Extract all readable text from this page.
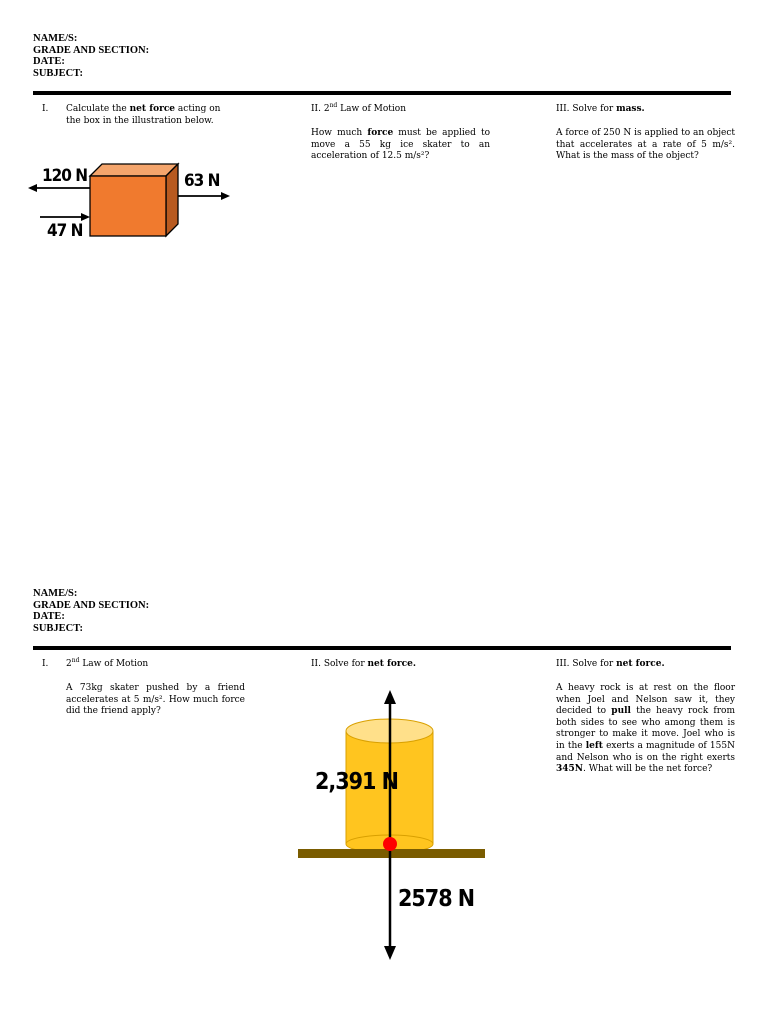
NAME/S:
GRADE AND SECTION:
DATE:
SUBJECT:
I. Calculate the net force acting on the box in the illustration below.
120 N	63 N
47 N
II. 2nd Law of Motion
How much force must be applied to move a 55 kg ice skater to an acceleration of 12.5 m/s²?
III. Solve for mass.
A force of 250 N is applied to an object that accelerates at a rate of 5 m/s². What is the mass of the object?
NAME/S:
GRADE AND SECTION:
DATE:
SUBJECT:
I. 2nd Law of Motion
A 73kg skater pushed by a friend accelerates at 5 m/s². How much force did the friend apply?
II. Solve for net force.
2,391 N
2578 N
III. Solve for net force.
A heavy rock is at rest on the floor when Joel and Nelson saw it, they decided to pull the heavy rock from both sides to see who among them is stronger to make it move. Joel who is in the left exerts a magnitude of 155N and Nelson who is on the right exerts 345N. What will be the net force?
